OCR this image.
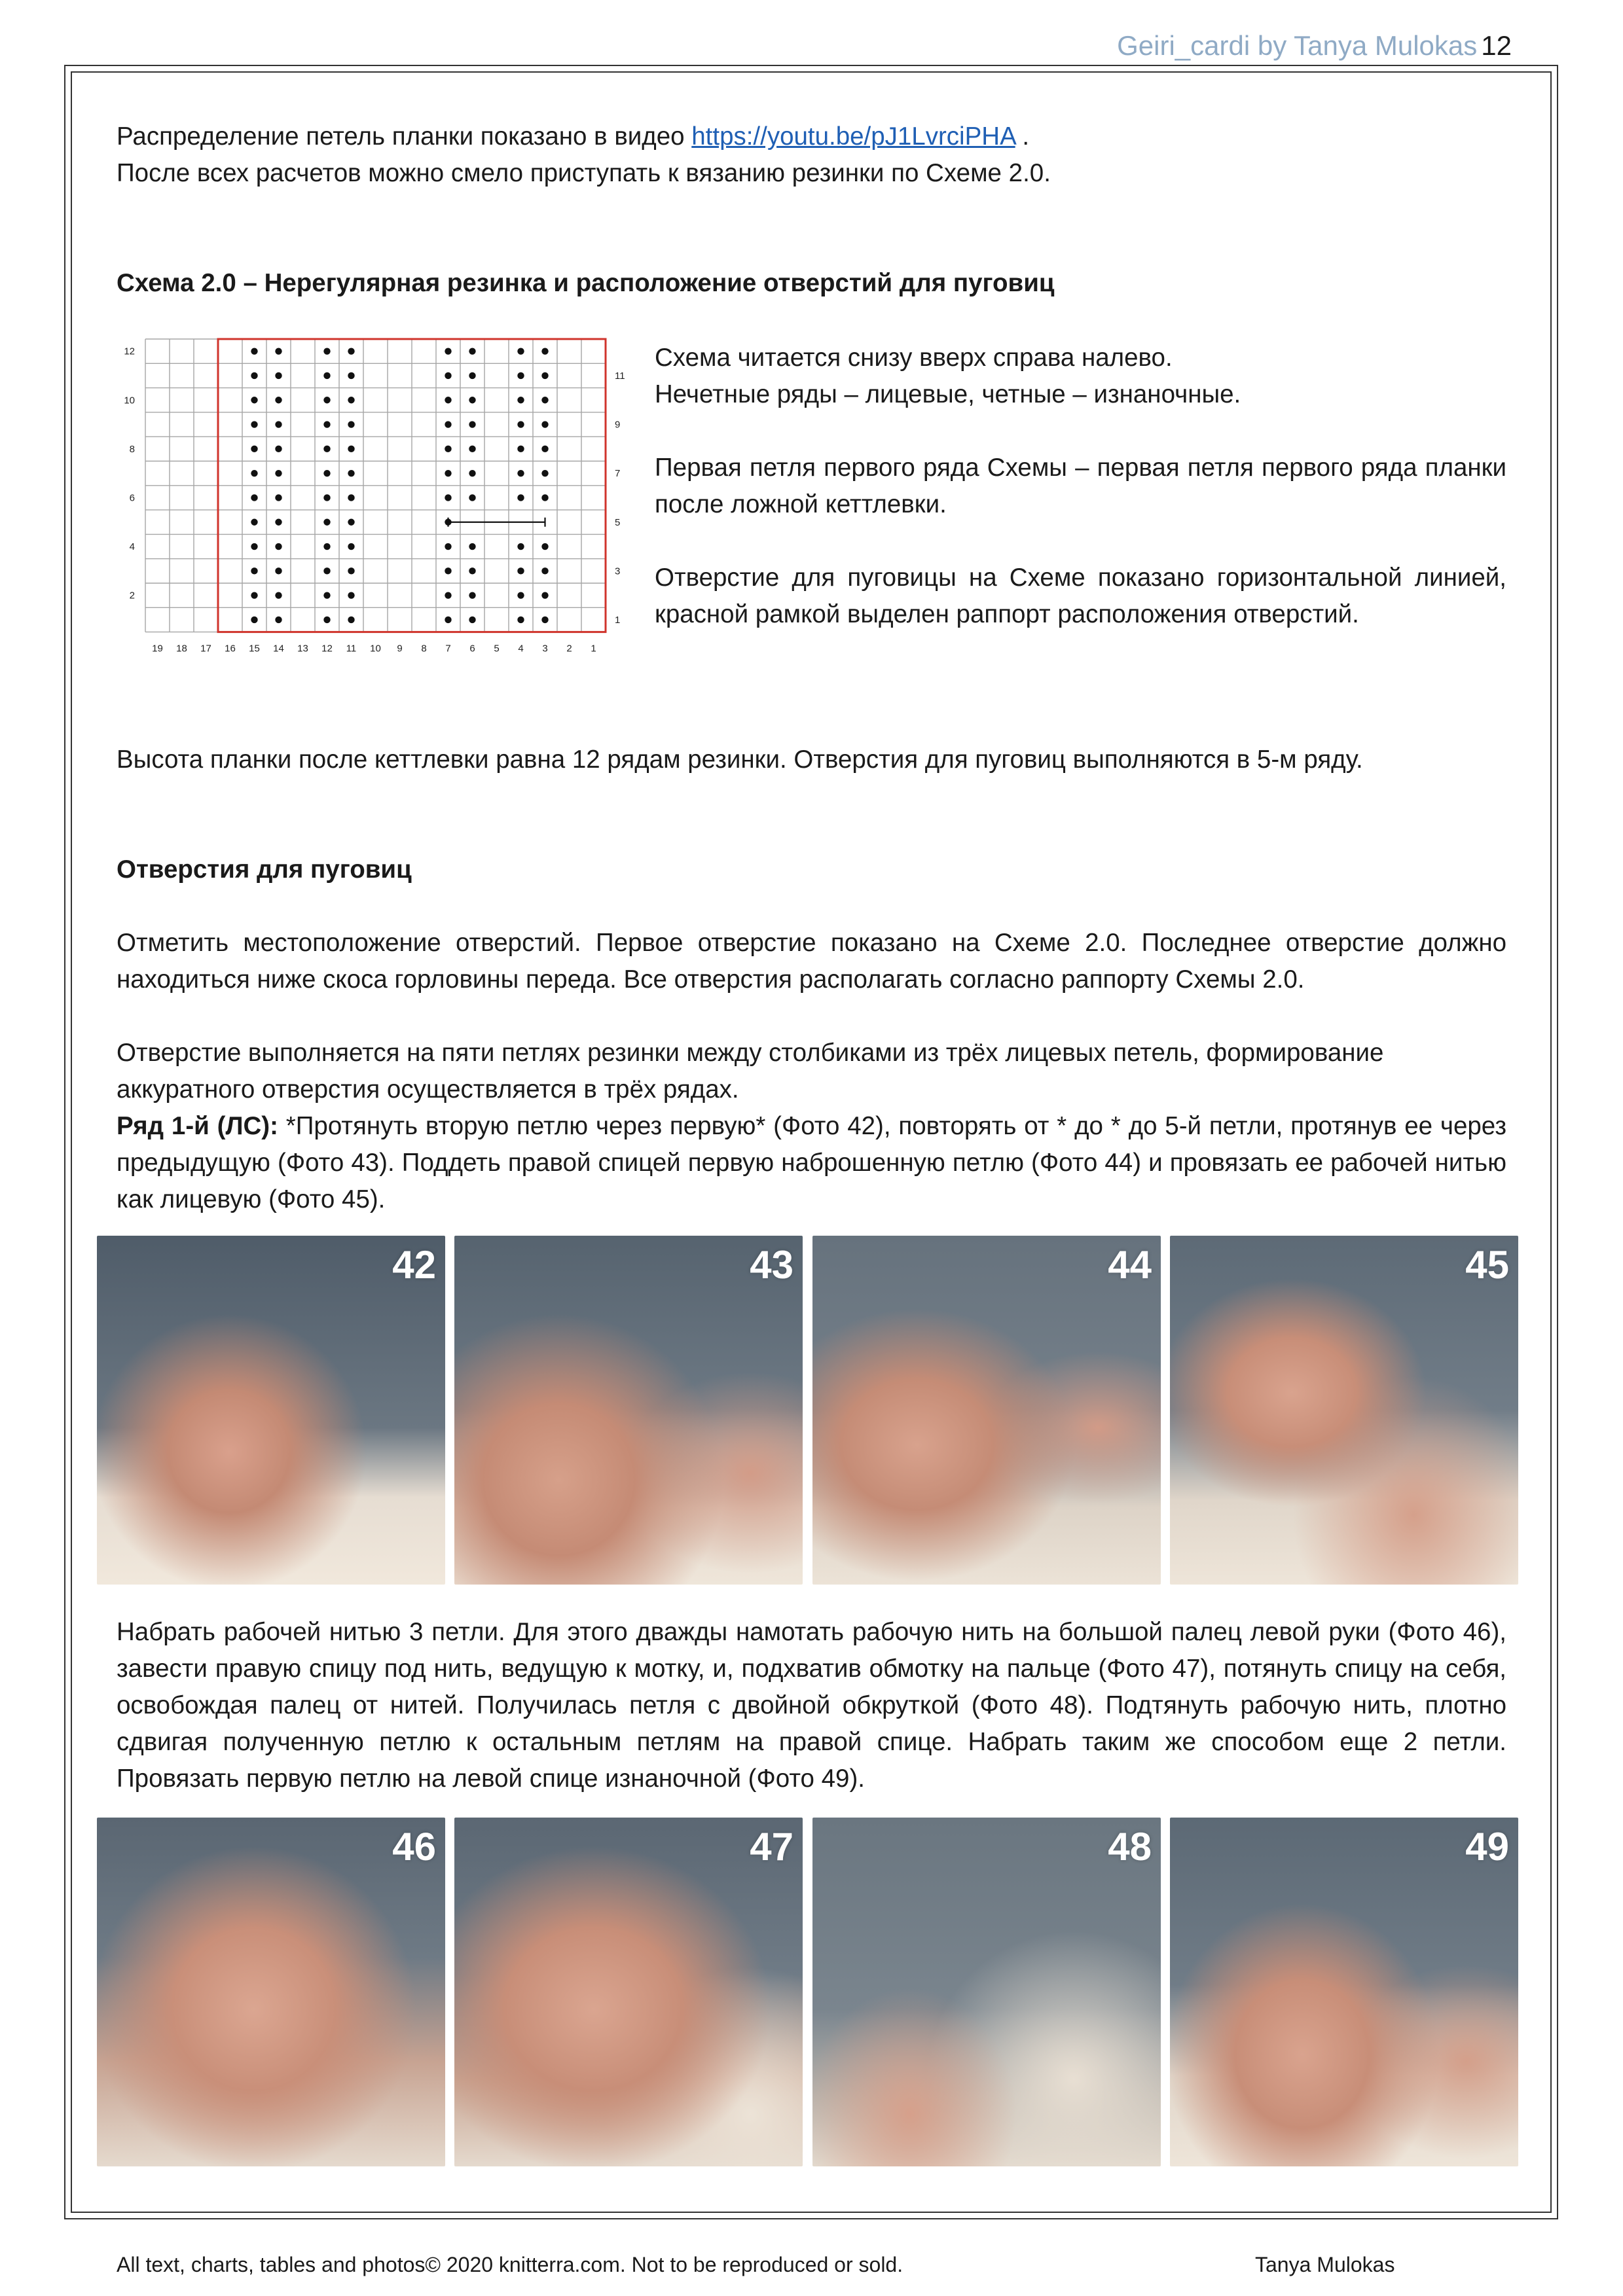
Geiri_cardi by Tanya Mulokas 12
Распределение петель планки показано в видео https://youtu.be/pJ1LvrciPHA .
После всех расчетов можно смело приступать к вязанию резинки по Схеме 2.0.
Схема 2.0 – Нерегулярная резинка и расположение отверстий для пуговиц
19 18 17 16 15 14 13 12 11 10 9 8 7 6 5 4 3 2 1
2
4
6
8
10
12
1
3
5
7
9
11
Схема читается снизу вверх справа налево.
Нечетные ряды – лицевые, четные – изнаночные.
Первая петля первого ряда Схемы – первая петля первого ряда планки после ложной кеттлевки.
Отверстие для пуговицы на Схеме показано горизонтальной линией, красной рамкой выделен раппорт расположения отверстий.
Высота планки после кеттлевки равна 12 рядам резинки. Отверстия для пуговиц выполняются в 5-м ряду.
Отверстия для пуговиц
Отметить местоположение отверстий. Первое отверстие показано на Схеме 2.0. Последнее отверстие должно находиться ниже скоса горловины переда. Все отверстия располагать согласно раппорту Схемы 2.0.
Отверстие выполняется на пяти петлях резинки между столбиками из трёх лицевых петель, формирование
аккуратного отверстия осуществляется в трёх рядах.
Ряд 1-й (ЛС): *Протянуть вторую петлю через первую* (Фото 42), повторять от * до * до 5-й петли, протянув ее через предыдущую (Фото 43). Поддеть правой спицей первую наброшенную петлю (Фото 44) и провязать ее рабочей нитью как лицевую (Фото 45).
42	43	44	45
Набрать рабочей нитью 3 петли. Для этого дважды намотать рабочую нить на большой палец левой руки (Фото 46), завести правую спицу под нить, ведущую к мотку, и, подхватив обмотку на пальце (Фото 47), потянуть спицу на себя, освобождая палец от нитей. Получилась петля с двойной обкруткой (Фото 48). Подтянуть рабочую нить, плотно сдвигая полученную петлю к остальным петлям на правой спице. Набрать таким же способом еще 2 петли. Провязать первую петлю на левой спице изнаночной (Фото 49).
46	47	48	49
All text, charts, tables and photos© 2020 knitterra.com. Not to be reproduced or sold.	Tanya Mulokas
